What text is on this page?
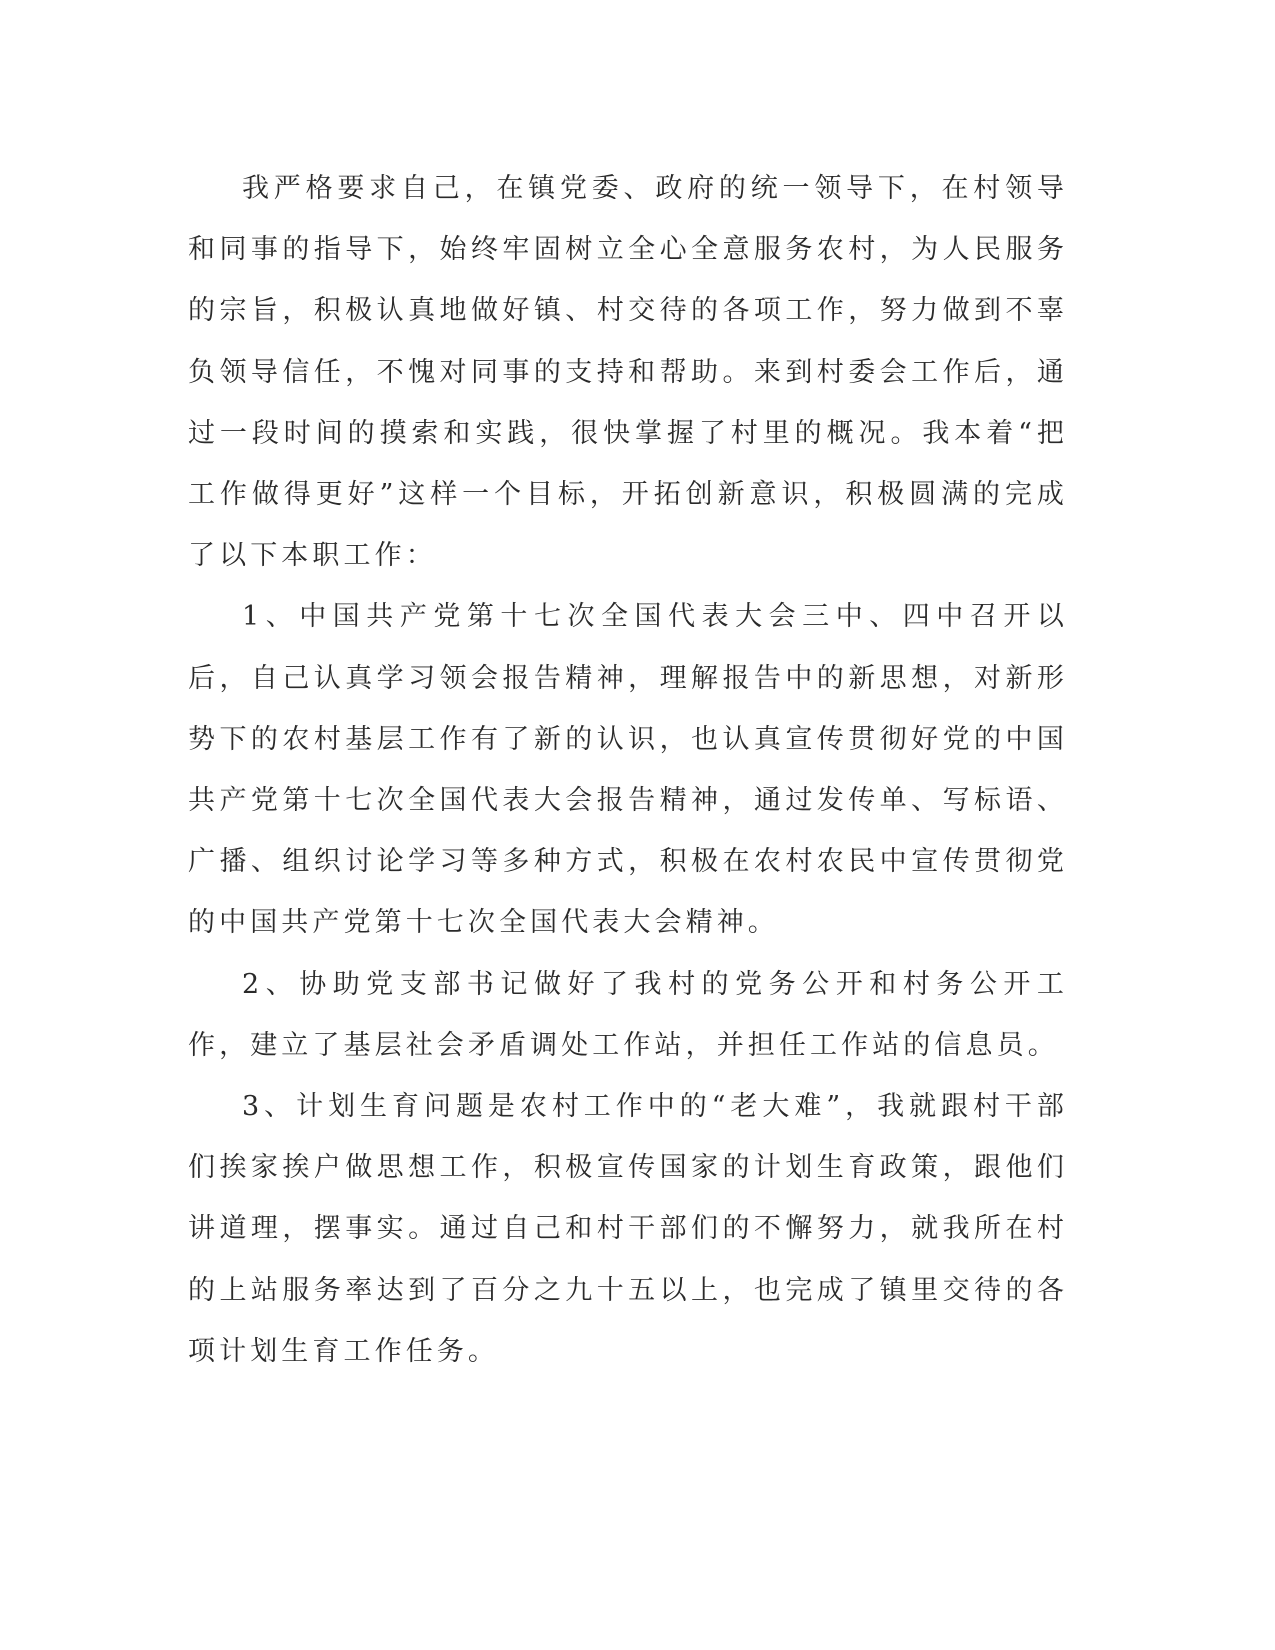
我严格要求自己，在镇党委、政府的统一领导下，在村领导和同事的指导下，始终牢固树立全心全意服务农村，为人民服务的宗旨，积极认真地做好镇、村交待的各项工作，努力做到不辜负领导信任，不愧对同事的支持和帮助。来到村委会工作后，通过一段时间的摸索和实践，很快掌握了村里的概况。我本着“把工作做得更好”这样一个目标，开拓创新意识，积极圆满的完成了以下本职工作：

1、中国共产党第十七次全国代表大会三中、四中召开以后，自己认真学习领会报告精神，理解报告中的新思想，对新形势下的农村基层工作有了新的认识，也认真宣传贯彻好党的中国共产党第十七次全国代表大会报告精神，通过发传单、写标语、广播、组织讨论学习等多种方式，积极在农村农民中宣传贯彻党的中国共产党第十七次全国代表大会精神。

2、协助党支部书记做好了我村的党务公开和村务公开工作，建立了基层社会矛盾调处工作站，并担任工作站的信息员。

3、计划生育问题是农村工作中的“老大难”，我就跟村干部们挨家挨户做思想工作，积极宣传国家的计划生育政策，跟他们讲道理，摆事实。通过自己和村干部们的不懈努力，就我所在村的上站服务率达到了百分之九十五以上，也完成了镇里交待的各项计划生育工作任务。
